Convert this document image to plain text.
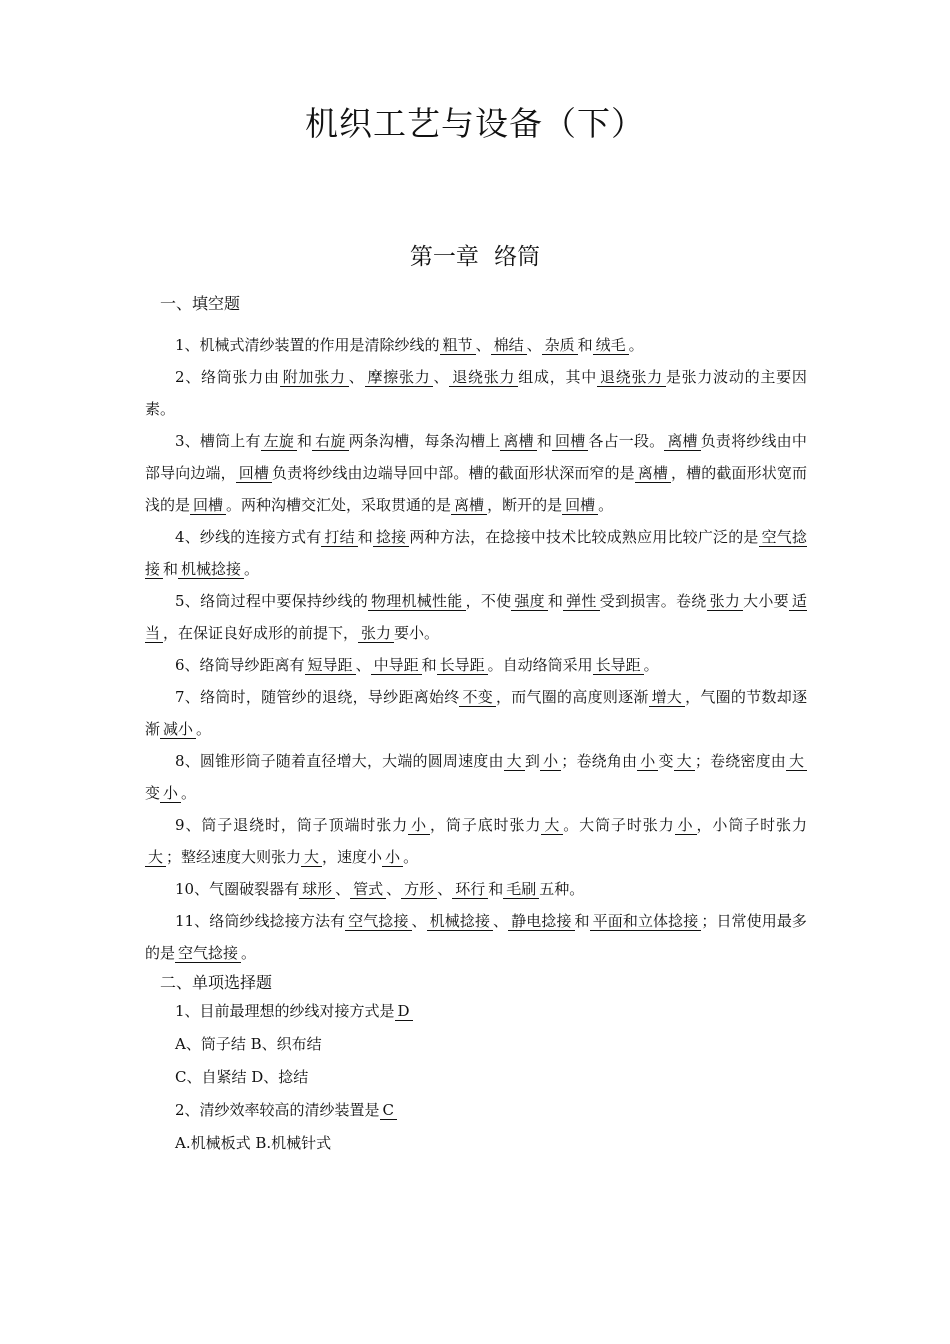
机织工艺与设备（下）
第一章 络筒
一、填空题

1、机械式清纱装置的作用是清除纱线的 粗节 、 棉结 、 杂质 和 绒毛 。

2、络筒张力由 附加张力 、 摩擦张力 、 退绕张力 组成，其中 退绕张力 是张力波动的主要因素。

3、槽筒上有 左旋 和 右旋 两条沟槽，每条沟槽上 离槽 和 回槽 各占一段。 离槽 负责将纱线由中部导向边端， 回槽 负责将纱线由边端导回中部。槽的截面形状深而窄的是 离槽 ，槽的截面形状宽而浅的是 回槽 。两种沟槽交汇处，采取贯通的是 离槽 ，断开的是 回槽 。

4、纱线的连接方式有 打结 和 捻接 两种方法，在捻接中技术比较成熟应用比较广泛的是 空气捻接 和 机械捻接 。

5、络筒过程中要保持纱线的 物理机械性能 ，不使 强度 和 弹性 受到损害。卷绕 张力 大小要 适当 ，在保证良好成形的前提下， 张力 要小。

6、络筒导纱距离有 短导距 、 中导距 和 长导距 。自动络筒采用 长导距 。

7、络筒时，随管纱的退绕，导纱距离始终 不变 ，而气圈的高度则逐渐 增大 ，气圈的节数却逐渐 减小 。

8、圆锥形筒子随着直径增大，大端的圆周速度由 大 到 小 ；卷绕角由 小 变 大 ；卷绕密度由 大变 小 。

9、筒子退绕时，筒子顶端时张力 小 ，筒子底时张力 大 。大筒子时张力 小 ，小筒子时张力大 ；整经速度大则张力 大 ，速度小 小 。

10、气圈破裂器有 球形 、 管式 、 方形 、 环行 和 毛刷 五种。

11、络筒纱线捻接方法有 空气捻接 、 机械捻接 、 静电捻接 和 平面和立体捻接 ；日常使用最多的是 空气捻接 。

二、单项选择题

1、目前最理想的纱线对接方式是 D

A、筒子结 B、织布结

C、自紧结 D、捻结

2、清纱效率较高的清纱装置是 C

A.机械板式 B.机械针式
